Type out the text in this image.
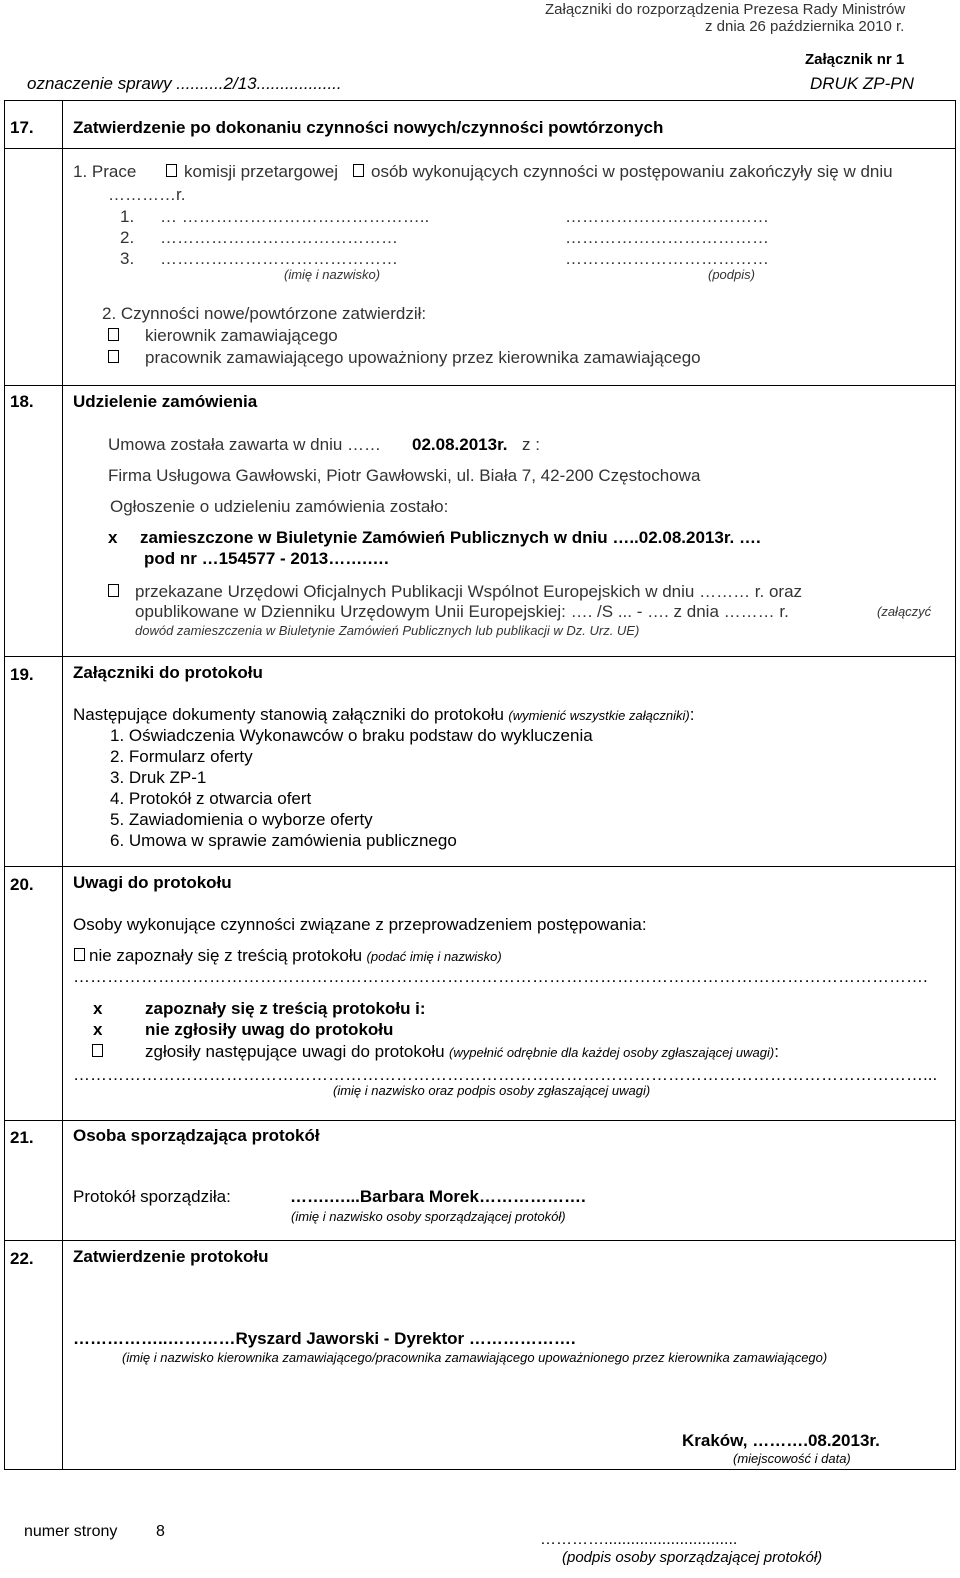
Załączniki do rozporządzenia Prezesa Rady Ministrów
z dnia 26 października 2010 r.
Załącznik nr 1
DRUK ZP-PN
oznaczenie sprawy ..........2/13..................
17. Zatwierdzenie po dokonaniu czynności nowych/czynności powtórzonych
1. Prace	komisji przetargowej osób wykonujących czynności w postępowaniu zakończyły się w dniu
…………r.
1. … ……………………………………..	………………………………
2. ……………………………………	………………………………
3. ……………………………………	………………………………
(imię i nazwisko)	(podpis)
2. Czynności nowe/powtórzone zatwierdził:
kierownik zamawiającego
pracownik zamawiającego upoważniony przez kierownika zamawiającego
18. Udzielenie zamówienia
Umowa została zawarta w dniu …… 02.08.2013r. z :
Firma Usługowa Gawłowski, Piotr Gawłowski, ul. Biała 7, 42-200 Częstochowa
Ogłoszenie o udzieleniu zamówienia zostało:
x zamieszczone w Biuletynie Zamówień Publicznych w dniu …..02.08.2013r. ….
pod nr …154577 - 2013…….….
przekazane Urzędowi Oficjalnych Publikacji Wspólnot Europejskich w dniu ……… r. oraz
opublikowane w Dzienniku Urzędowym Unii Europejskiej: …. /S ... - …. z dnia ……… r.	(załączyć
dowód zamieszczenia w Biuletynie Zamówień Publicznych lub publikacji w Dz. Urz. UE)
19. Załączniki do protokołu
Następujące dokumenty stanowią załączniki do protokołu (wymienić wszystkie załączniki):
1. Oświadczenia Wykonawców o braku podstaw do wykluczenia
2. Formularz oferty
3. Druk ZP-1
4. Protokół z otwarcia ofert
5. Zawiadomienia o wyborze oferty
6. Umowa w sprawie zamówienia publicznego
20. Uwagi do protokołu
Osoby wykonujące czynności związane z przeprowadzeniem postępowania:
nie zapoznały się z treścią protokołu (podać imię i nazwisko)
…………………………………………………………………………………………………………………………………….
x	zapoznały się z treścią protokołu i:
x	nie zgłosiły uwag do protokołu
zgłosiły następujące uwagi do protokołu (wypełnić odrębnie dla każdej osoby zgłaszającej uwagi):
……………………………………………………………………………………………………………………………………...
(imię i nazwisko oraz podpis osoby zgłaszającej uwagi)
21. Osoba sporządzająca protokół
Protokół sporządziła:	…….…...Barbara Morek……………….
(imię i nazwisko osoby sporządzającej protokół)
22. Zatwierdzenie protokołu
……………..…………Ryszard Jaworski - Dyrektor ……………….
(imię i nazwisko kierownika zamawiającego/pracownika zamawiającego upoważnionego przez kierownika zamawiającego)
Kraków, ……….08.2013r.
(miejscowość i data)
numer strony 8	…………..............................
(podpis osoby sporządzającej protokół)
